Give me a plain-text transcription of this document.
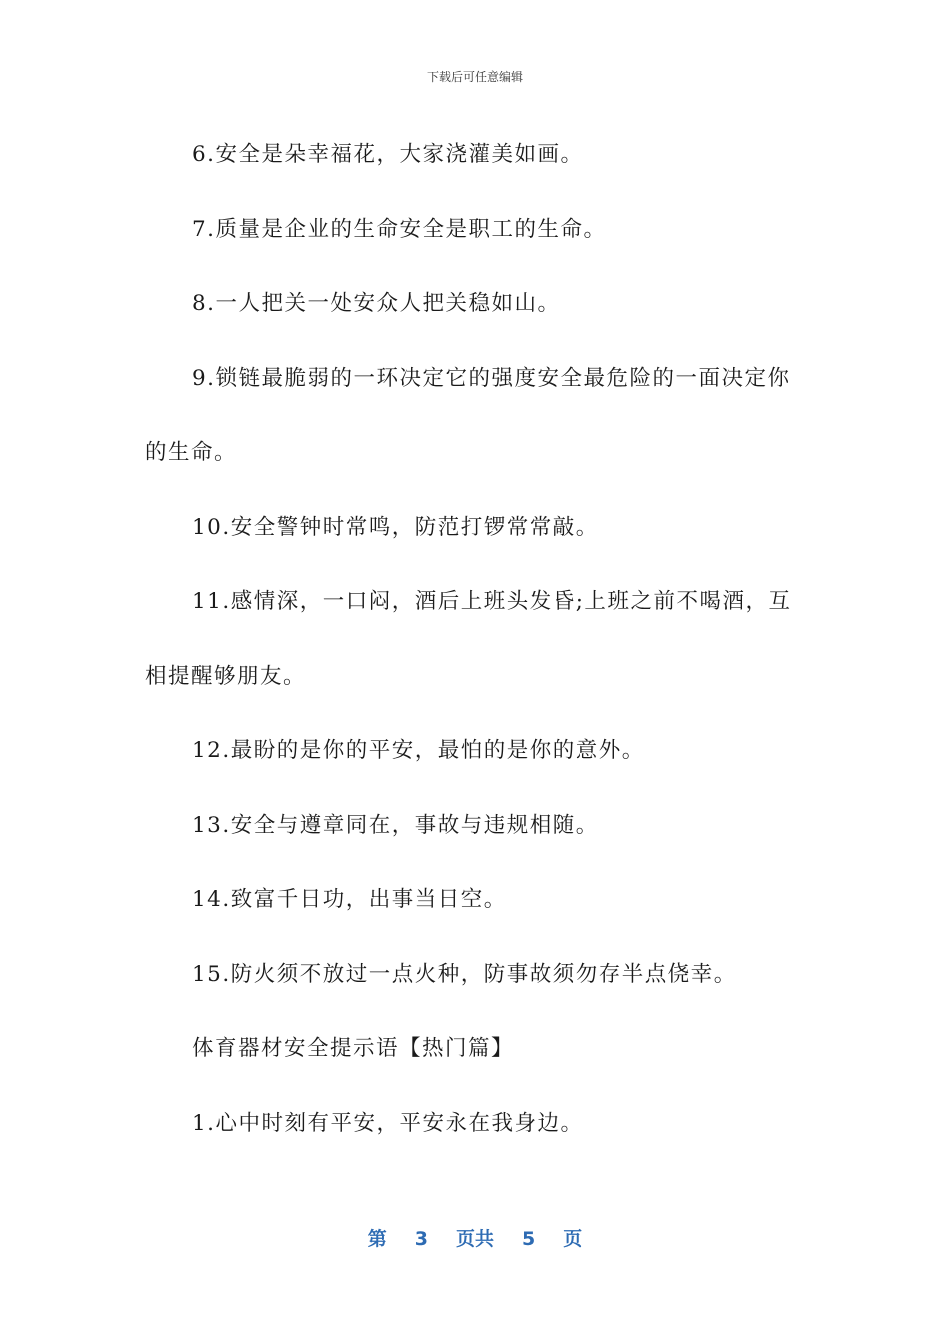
下载后可任意编辑

6.安全是朵幸福花，大家浇灌美如画。

7.质量是企业的生命安全是职工的生命。

8.一人把关一处安众人把关稳如山。

9.锁链最脆弱的一环决定它的强度安全最危险的一面决定你的生命。

10.安全警钟时常鸣，防范打锣常常敲。

11.感情深，一口闷，酒后上班头发昏;上班之前不喝酒，互相提醒够朋友。

12.最盼的是你的平安，最怕的是你的意外。

13.安全与遵章同在，事故与违规相随。

14.致富千日功，出事当日空。

15.防火须不放过一点火种，防事故须勿存半点侥幸。

体育器材安全提示语【热门篇】

1.心中时刻有平安，平安永在我身边。

第 3 页共 5 页
